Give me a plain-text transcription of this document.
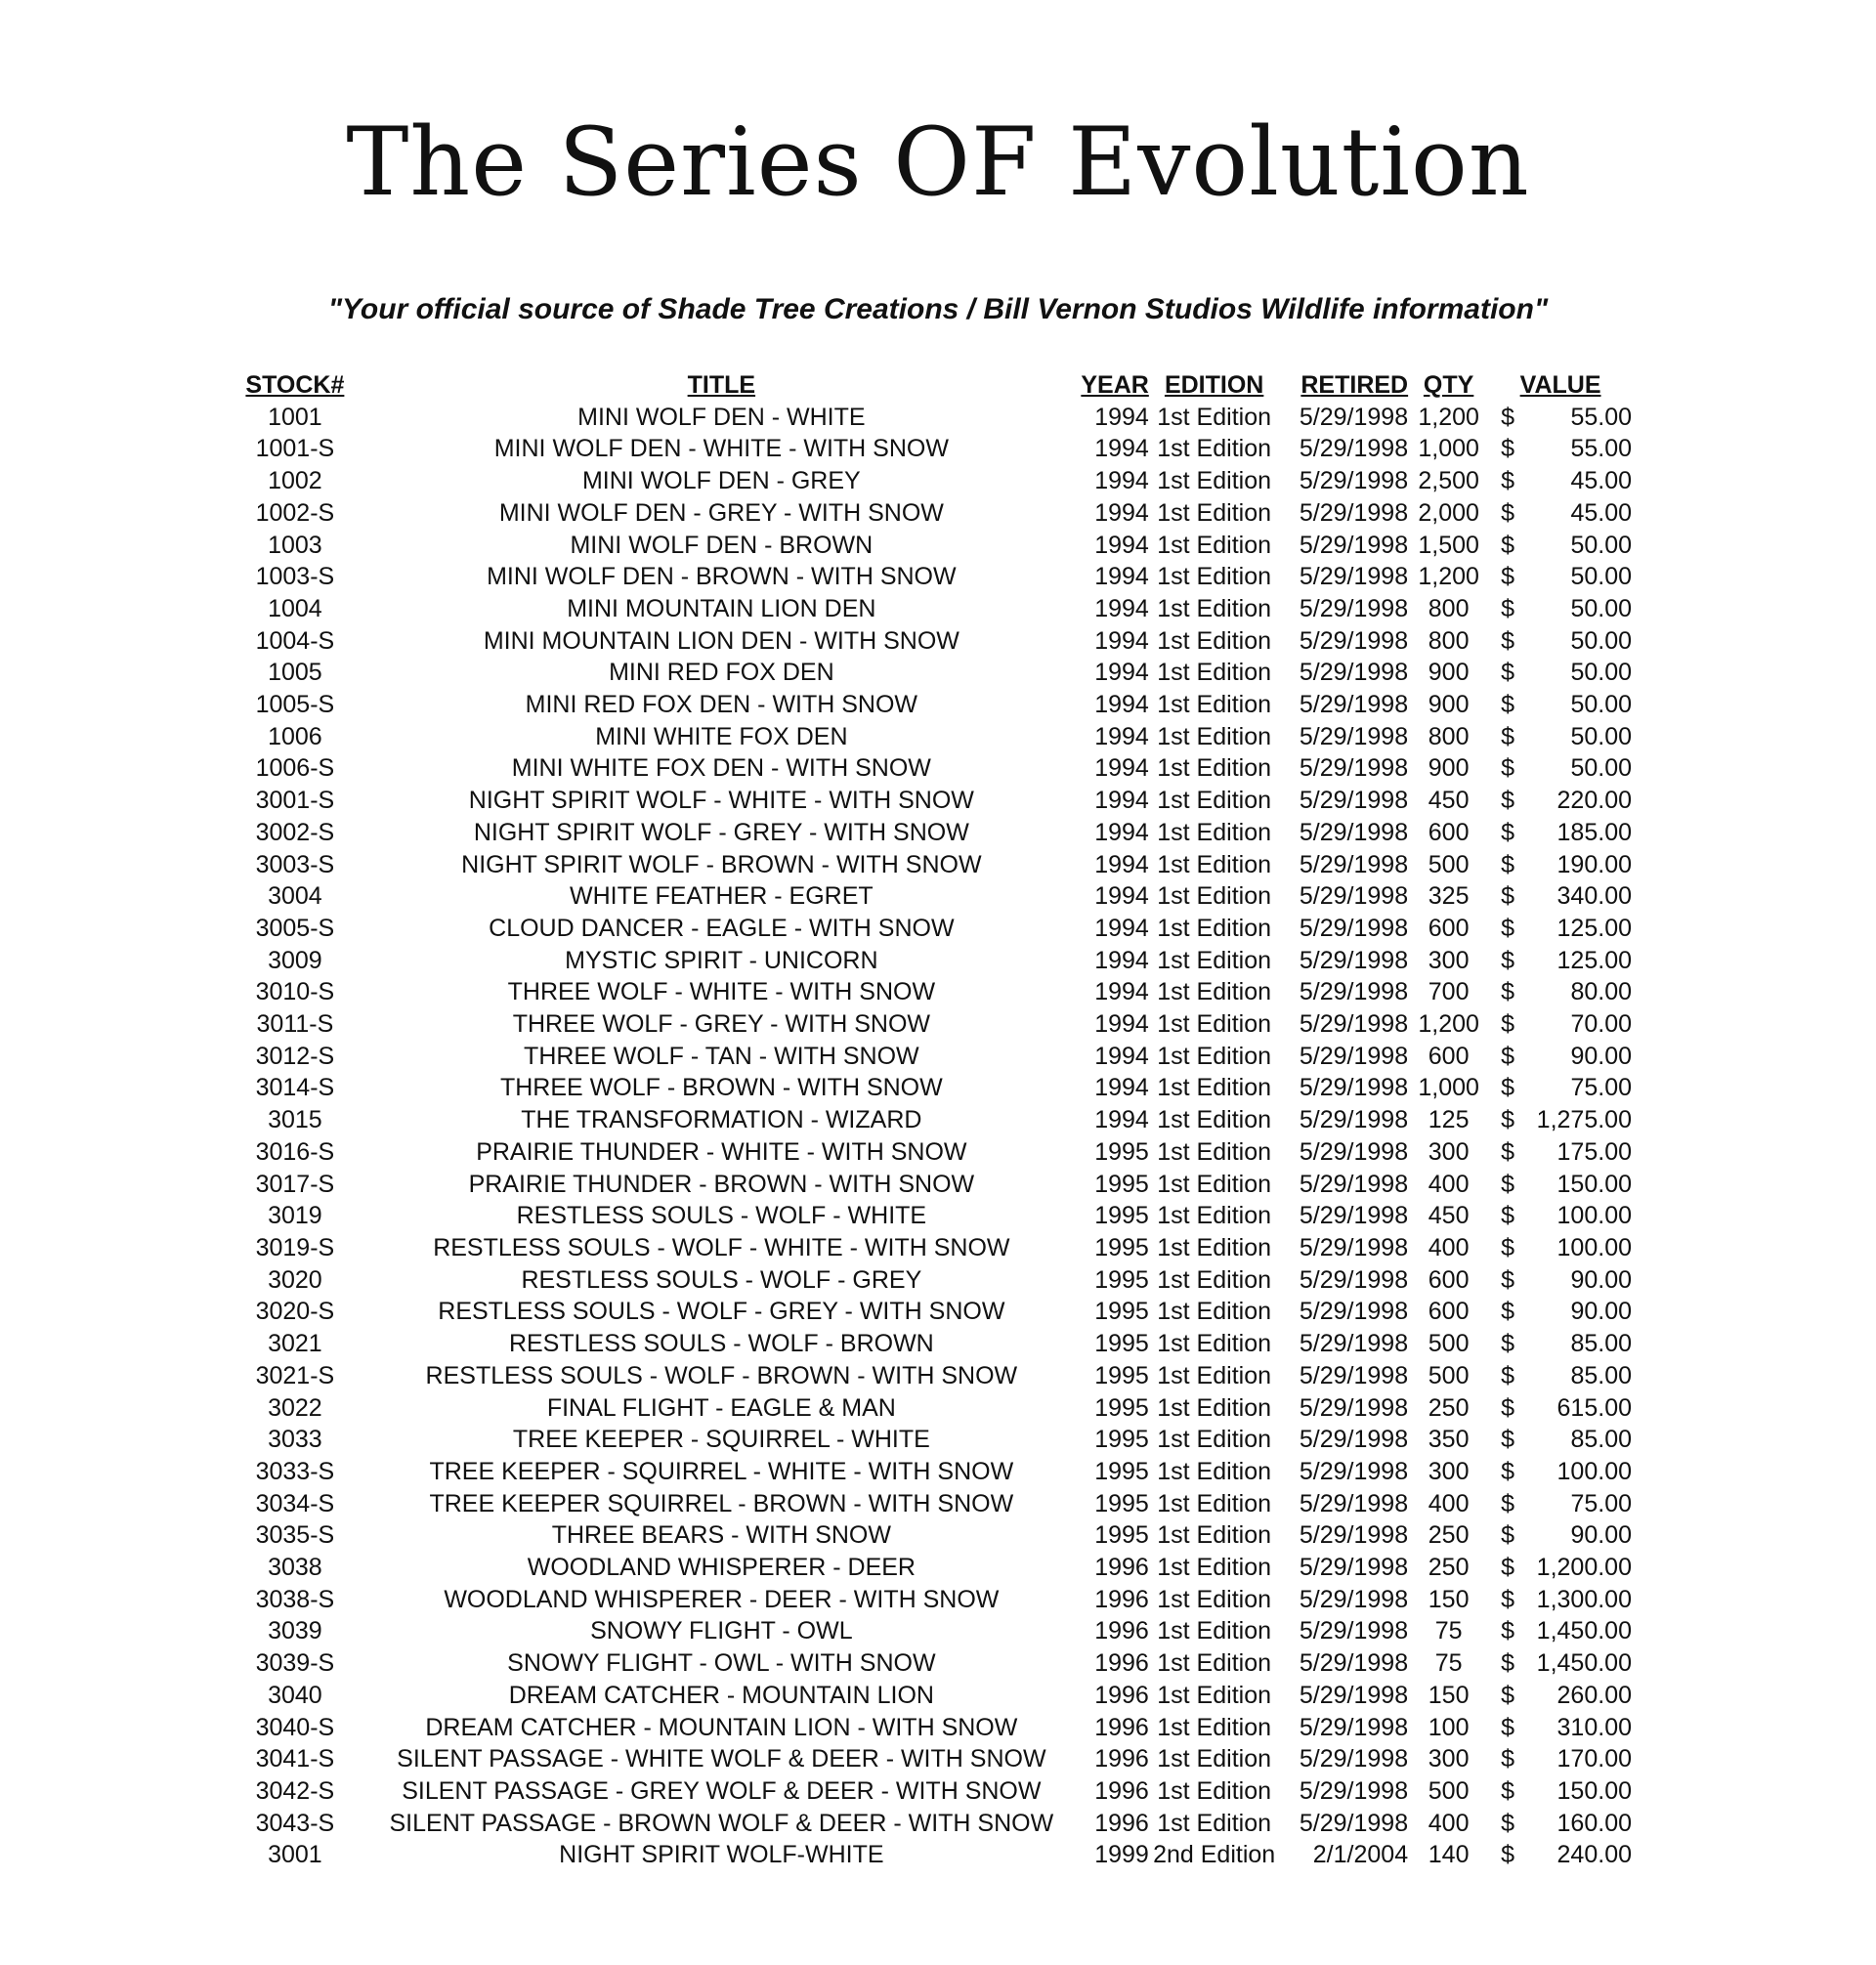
The Series OF Evolution

"Your official source of Shade Tree Creations / Bill Vernon Studios Wildlife information"

STOCK#	TITLE	YEAR	EDITION	RETIRED	QTY	VALUE	
1001	MINI WOLF DEN - WHITE	1994	1st Edition	5/29/1998	1,200	$	55.00
1001-S	MINI WOLF DEN - WHITE - WITH SNOW	1994	1st Edition	5/29/1998	1,000	$	55.00
1002	MINI WOLF DEN - GREY	1994	1st Edition	5/29/1998	2,500	$	45.00
1002-S	MINI WOLF DEN - GREY - WITH SNOW	1994	1st Edition	5/29/1998	2,000	$	45.00
1003	MINI WOLF DEN - BROWN	1994	1st Edition	5/29/1998	1,500	$	50.00
1003-S	MINI WOLF DEN - BROWN - WITH SNOW	1994	1st Edition	5/29/1998	1,200	$	50.00
1004	MINI MOUNTAIN LION DEN	1994	1st Edition	5/29/1998	800	$	50.00
1004-S	MINI MOUNTAIN LION DEN - WITH SNOW	1994	1st Edition	5/29/1998	800	$	50.00
1005	MINI RED FOX DEN	1994	1st Edition	5/29/1998	900	$	50.00
1005-S	MINI RED FOX DEN - WITH SNOW	1994	1st Edition	5/29/1998	900	$	50.00
1006	MINI WHITE FOX DEN	1994	1st Edition	5/29/1998	800	$	50.00
1006-S	MINI WHITE FOX DEN - WITH SNOW	1994	1st Edition	5/29/1998	900	$	50.00
3001-S	NIGHT SPIRIT WOLF - WHITE - WITH SNOW	1994	1st Edition	5/29/1998	450	$	220.00
3002-S	NIGHT SPIRIT WOLF - GREY - WITH SNOW	1994	1st Edition	5/29/1998	600	$	185.00
3003-S	NIGHT SPIRIT WOLF - BROWN - WITH SNOW	1994	1st Edition	5/29/1998	500	$	190.00
3004	WHITE FEATHER - EGRET	1994	1st Edition	5/29/1998	325	$	340.00
3005-S	CLOUD DANCER - EAGLE - WITH SNOW	1994	1st Edition	5/29/1998	600	$	125.00
3009	MYSTIC SPIRIT - UNICORN	1994	1st Edition	5/29/1998	300	$	125.00
3010-S	THREE WOLF - WHITE - WITH SNOW	1994	1st Edition	5/29/1998	700	$	80.00
3011-S	THREE WOLF - GREY - WITH SNOW	1994	1st Edition	5/29/1998	1,200	$	70.00
3012-S	THREE WOLF - TAN - WITH SNOW	1994	1st Edition	5/29/1998	600	$	90.00
3014-S	THREE WOLF - BROWN - WITH SNOW	1994	1st Edition	5/29/1998	1,000	$	75.00
3015	THE TRANSFORMATION - WIZARD	1994	1st Edition	5/29/1998	125	$	1,275.00
3016-S	PRAIRIE THUNDER - WHITE - WITH SNOW	1995	1st Edition	5/29/1998	300	$	175.00
3017-S	PRAIRIE THUNDER - BROWN - WITH SNOW	1995	1st Edition	5/29/1998	400	$	150.00
3019	RESTLESS SOULS - WOLF - WHITE	1995	1st Edition	5/29/1998	450	$	100.00
3019-S	RESTLESS SOULS - WOLF - WHITE - WITH SNOW	1995	1st Edition	5/29/1998	400	$	100.00
3020	RESTLESS SOULS - WOLF - GREY	1995	1st Edition	5/29/1998	600	$	90.00
3020-S	RESTLESS SOULS - WOLF - GREY - WITH SNOW	1995	1st Edition	5/29/1998	600	$	90.00
3021	RESTLESS SOULS - WOLF - BROWN	1995	1st Edition	5/29/1998	500	$	85.00
3021-S	RESTLESS SOULS - WOLF - BROWN - WITH SNOW	1995	1st Edition	5/29/1998	500	$	85.00
3022	FINAL FLIGHT - EAGLE & MAN	1995	1st Edition	5/29/1998	250	$	615.00
3033	TREE KEEPER - SQUIRREL - WHITE	1995	1st Edition	5/29/1998	350	$	85.00
3033-S	TREE KEEPER - SQUIRREL - WHITE - WITH SNOW	1995	1st Edition	5/29/1998	300	$	100.00
3034-S	TREE KEEPER SQUIRREL - BROWN - WITH SNOW	1995	1st Edition	5/29/1998	400	$	75.00
3035-S	THREE BEARS - WITH SNOW	1995	1st Edition	5/29/1998	250	$	90.00
3038	WOODLAND WHISPERER - DEER	1996	1st Edition	5/29/1998	250	$	1,200.00
3038-S	WOODLAND WHISPERER - DEER - WITH SNOW	1996	1st Edition	5/29/1998	150	$	1,300.00
3039	SNOWY FLIGHT - OWL	1996	1st Edition	5/29/1998	75	$	1,450.00
3039-S	SNOWY FLIGHT - OWL - WITH SNOW	1996	1st Edition	5/29/1998	75	$	1,450.00
3040	DREAM CATCHER - MOUNTAIN LION	1996	1st Edition	5/29/1998	150	$	260.00
3040-S	DREAM CATCHER - MOUNTAIN LION - WITH SNOW	1996	1st Edition	5/29/1998	100	$	310.00
3041-S	SILENT PASSAGE - WHITE WOLF & DEER - WITH SNOW	1996	1st Edition	5/29/1998	300	$	170.00
3042-S	SILENT PASSAGE - GREY WOLF & DEER - WITH SNOW	1996	1st Edition	5/29/1998	500	$	150.00
3043-S	SILENT PASSAGE - BROWN WOLF & DEER - WITH SNOW	1996	1st Edition	5/29/1998	400	$	160.00
3001	NIGHT SPIRIT WOLF-WHITE	1999	2nd Edition	2/1/2004	140	$	240.00
